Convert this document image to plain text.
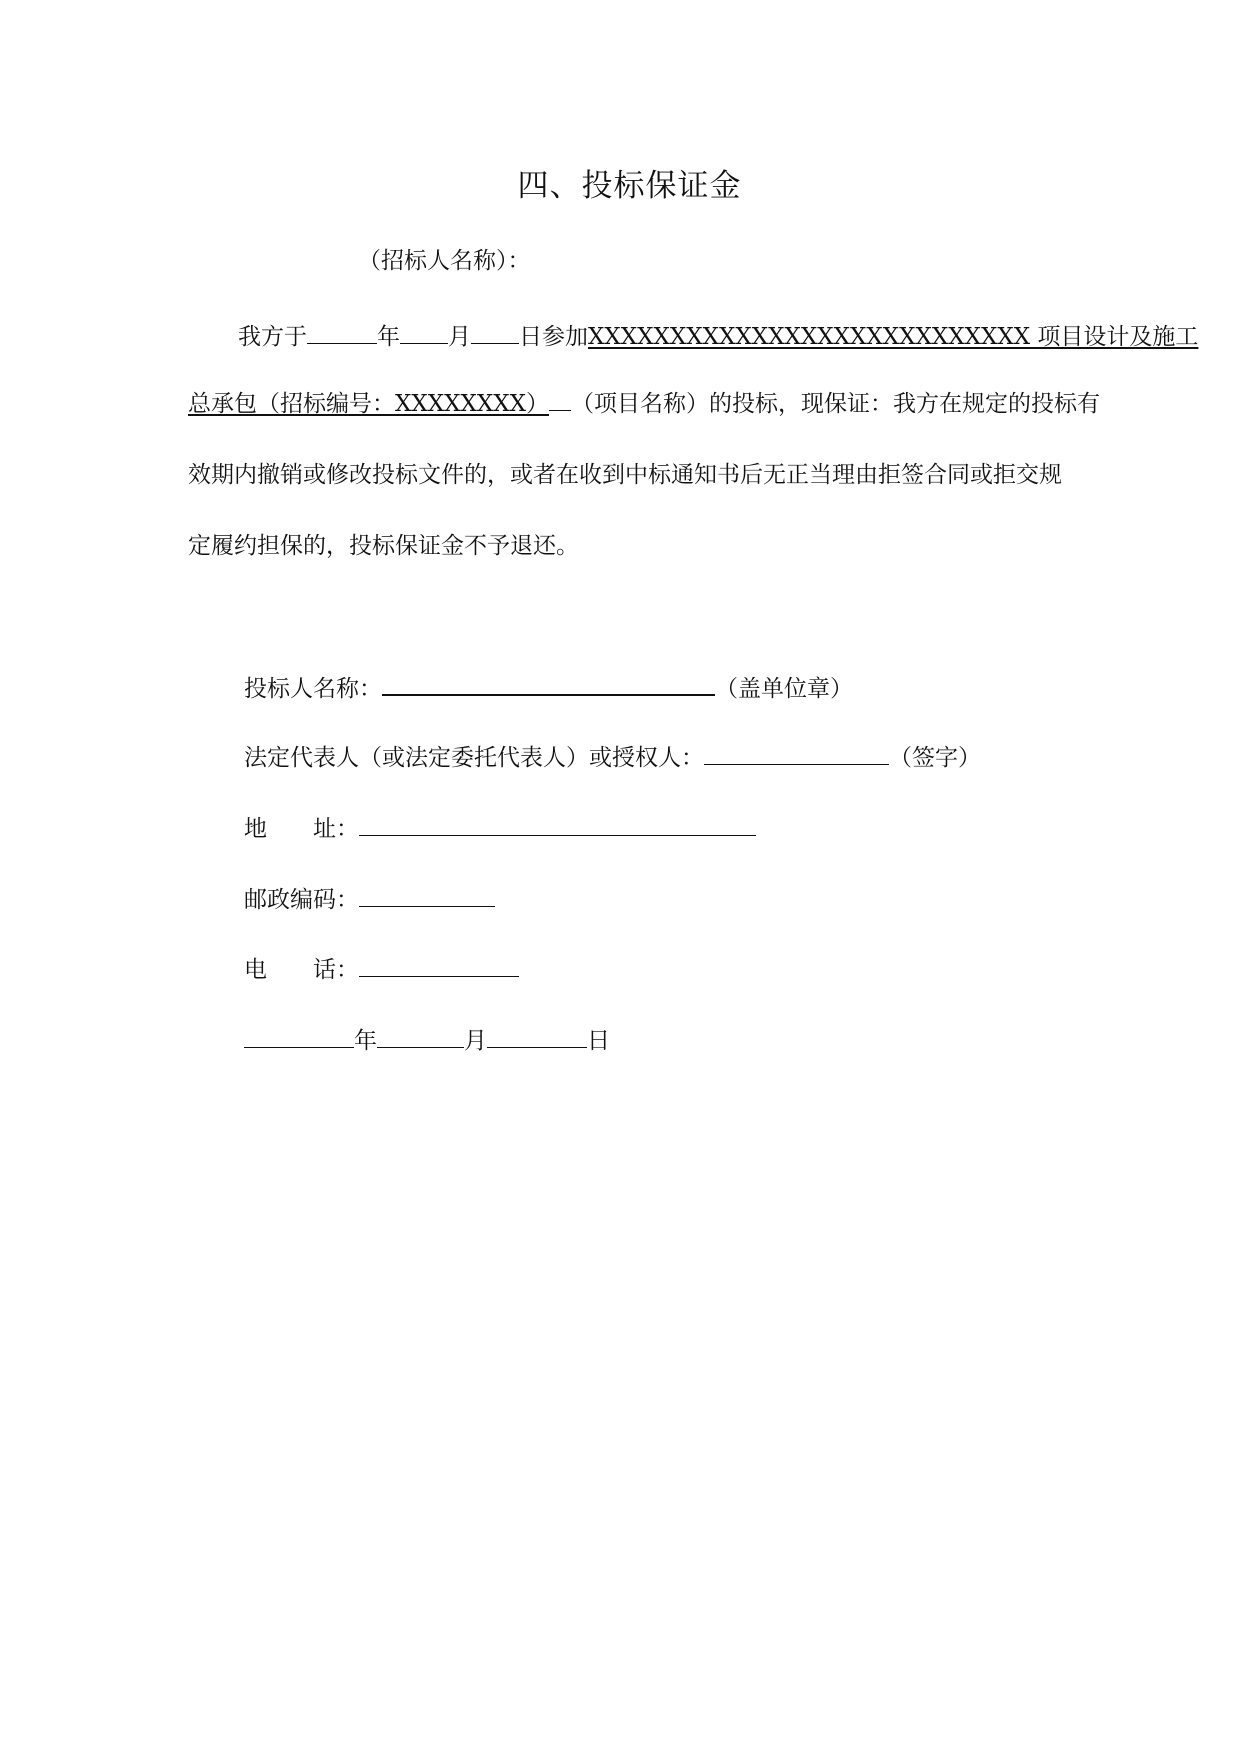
四、投标保证金
（招标人名称）：
我方于	年 月 日参加XXXXXXXXXXXXXXXXXXXXXXXXXXX 项目设计及施工
总承包（招标编号：XXXXXXXX） （项目名称）的投标，现保证：我方在规定的投标有
效期内撤销或修改投标文件的，或者在收到中标通知书后无正当理由拒签合同或拒交规
定履约担保的，投标保证金不予退还。
投标人名称：	（盖单位章）
法定代表人（或法定委托代表人）或授权人：	（签字）
地 址：
邮政编码：
电 话：
年	月	日
